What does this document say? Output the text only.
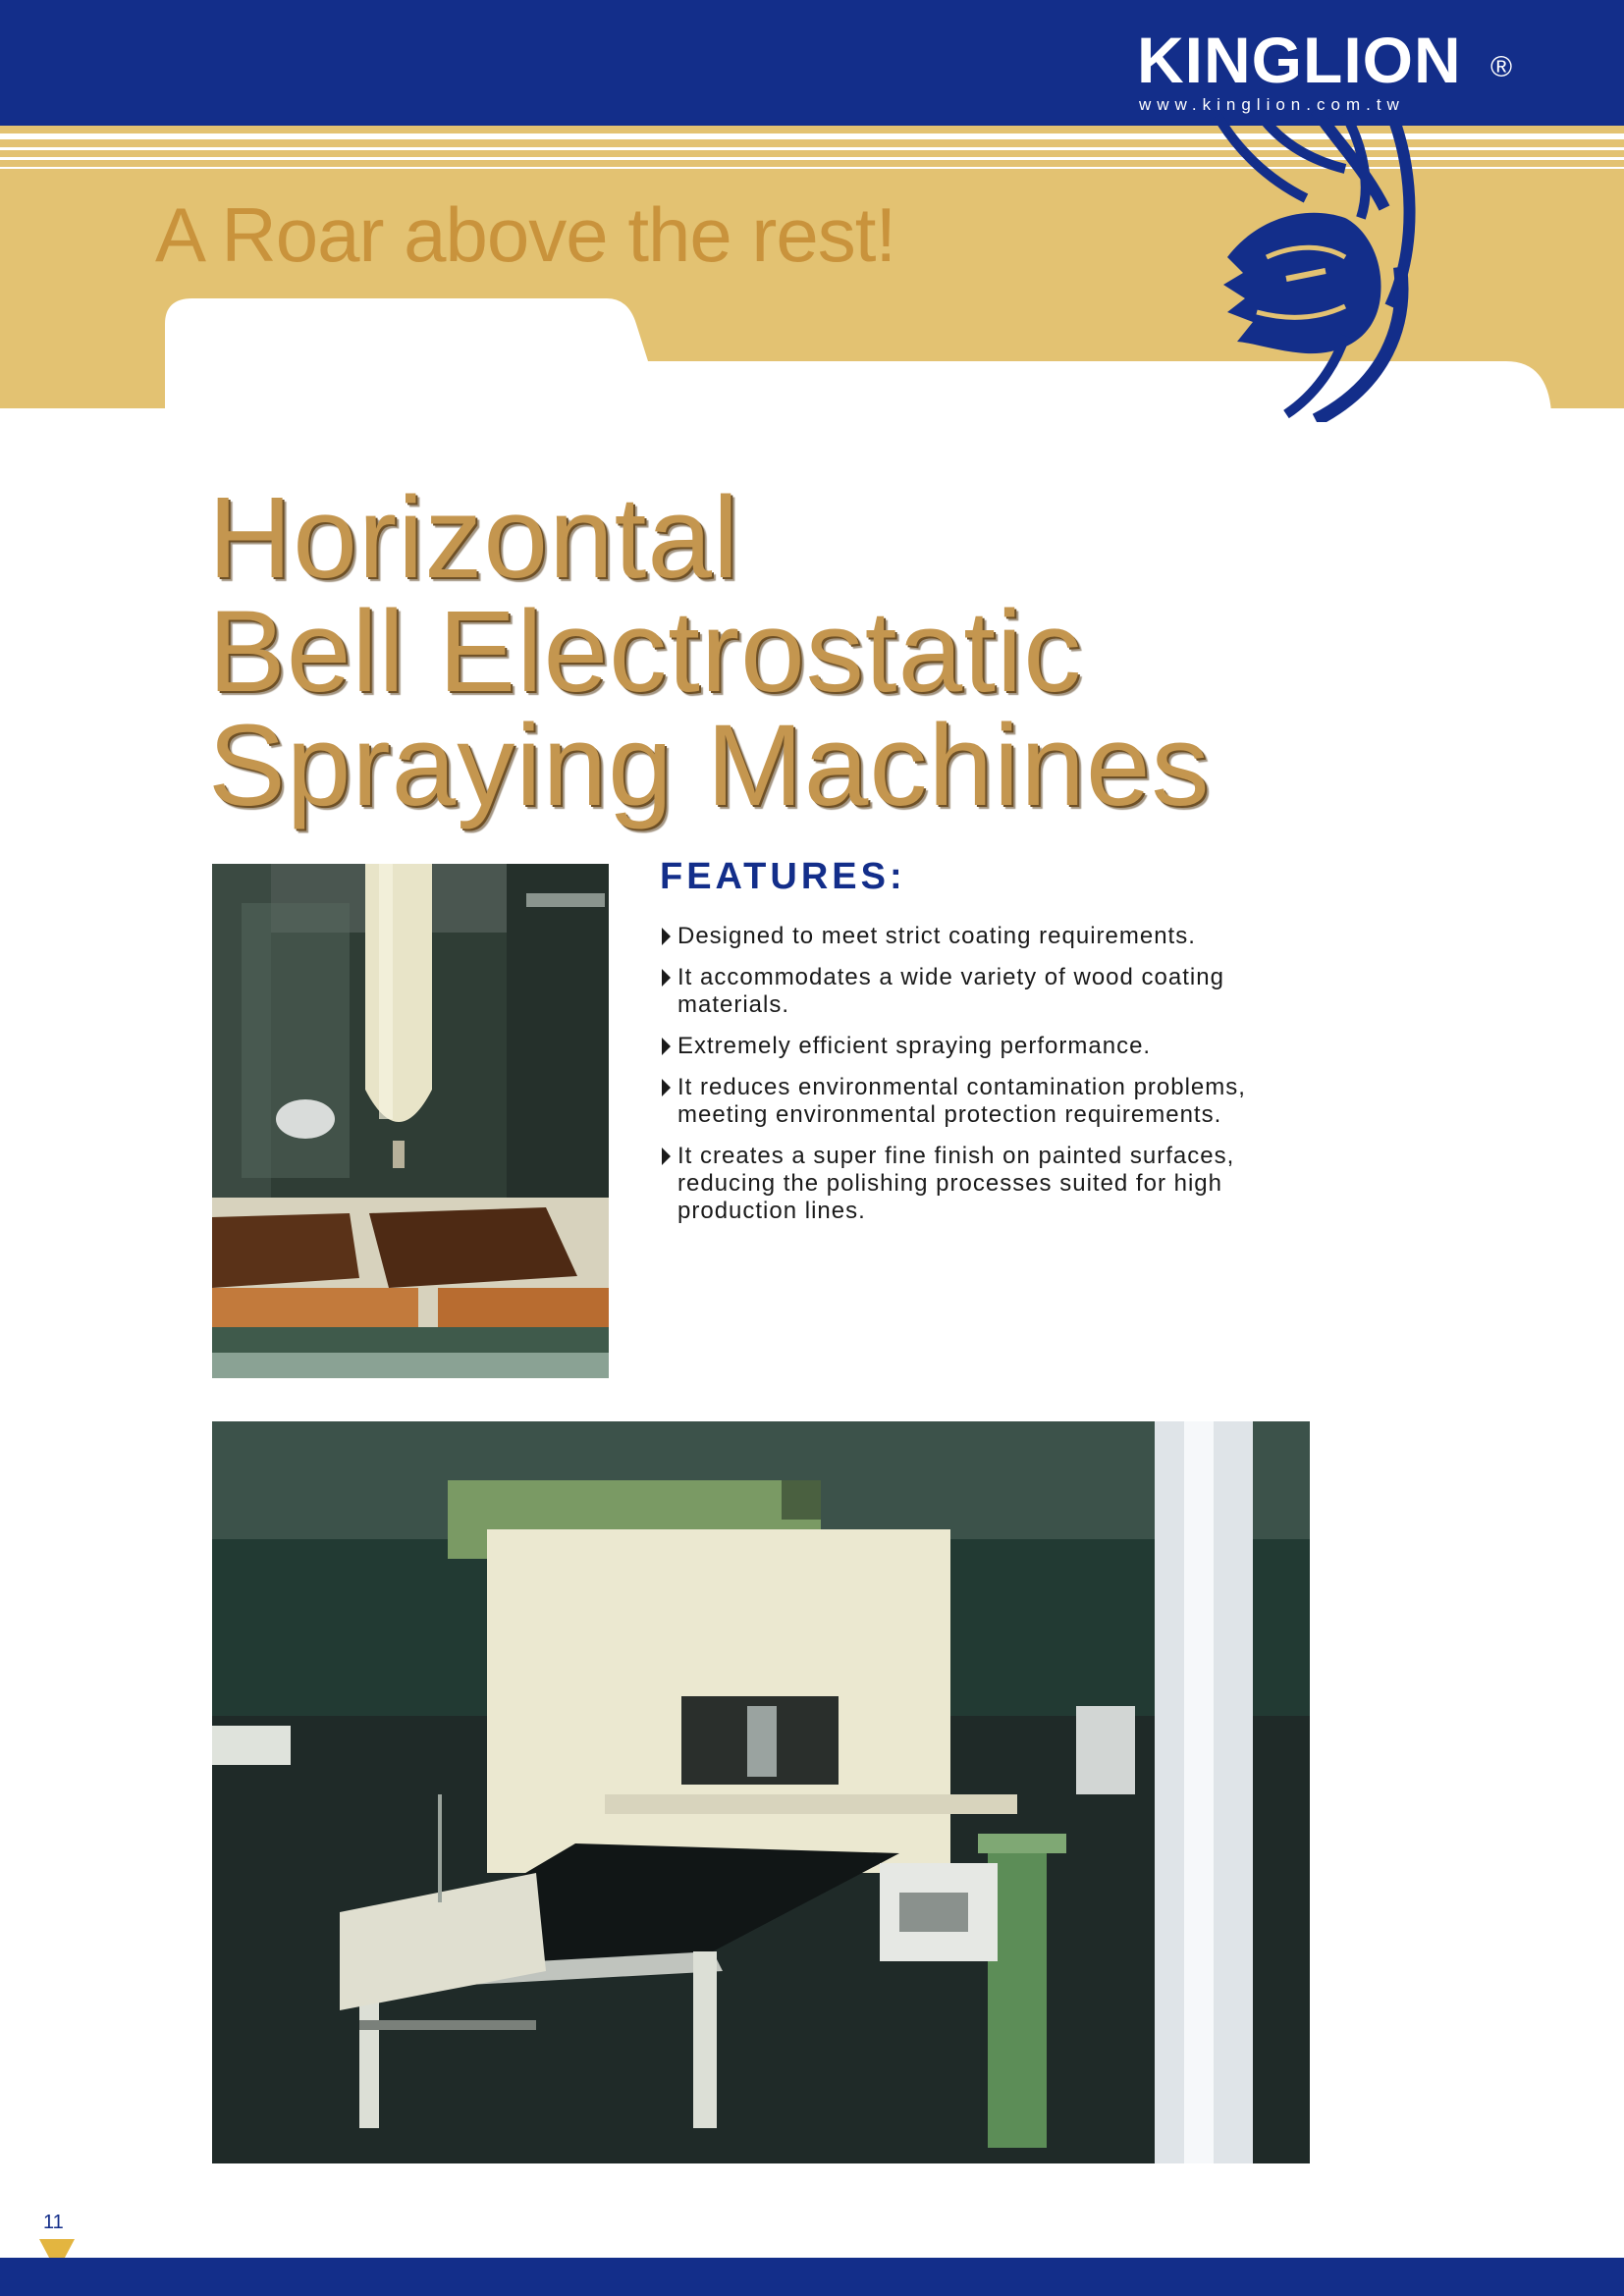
KINGLION ®
www.kinglion.com.tw
A Roar above the rest!
Horizontal
Bell Electrostatic
Spraying Machines
FEATURES:
Designed to meet strict coating requirements.
It accommodates a wide variety of wood coating materials.
Extremely efficient spraying performance.
It reduces environmental contamination problems, meeting environmental protection requirements.
It creates a super fine finish on painted surfaces, reducing the polishing processes suited for high production lines.
11
